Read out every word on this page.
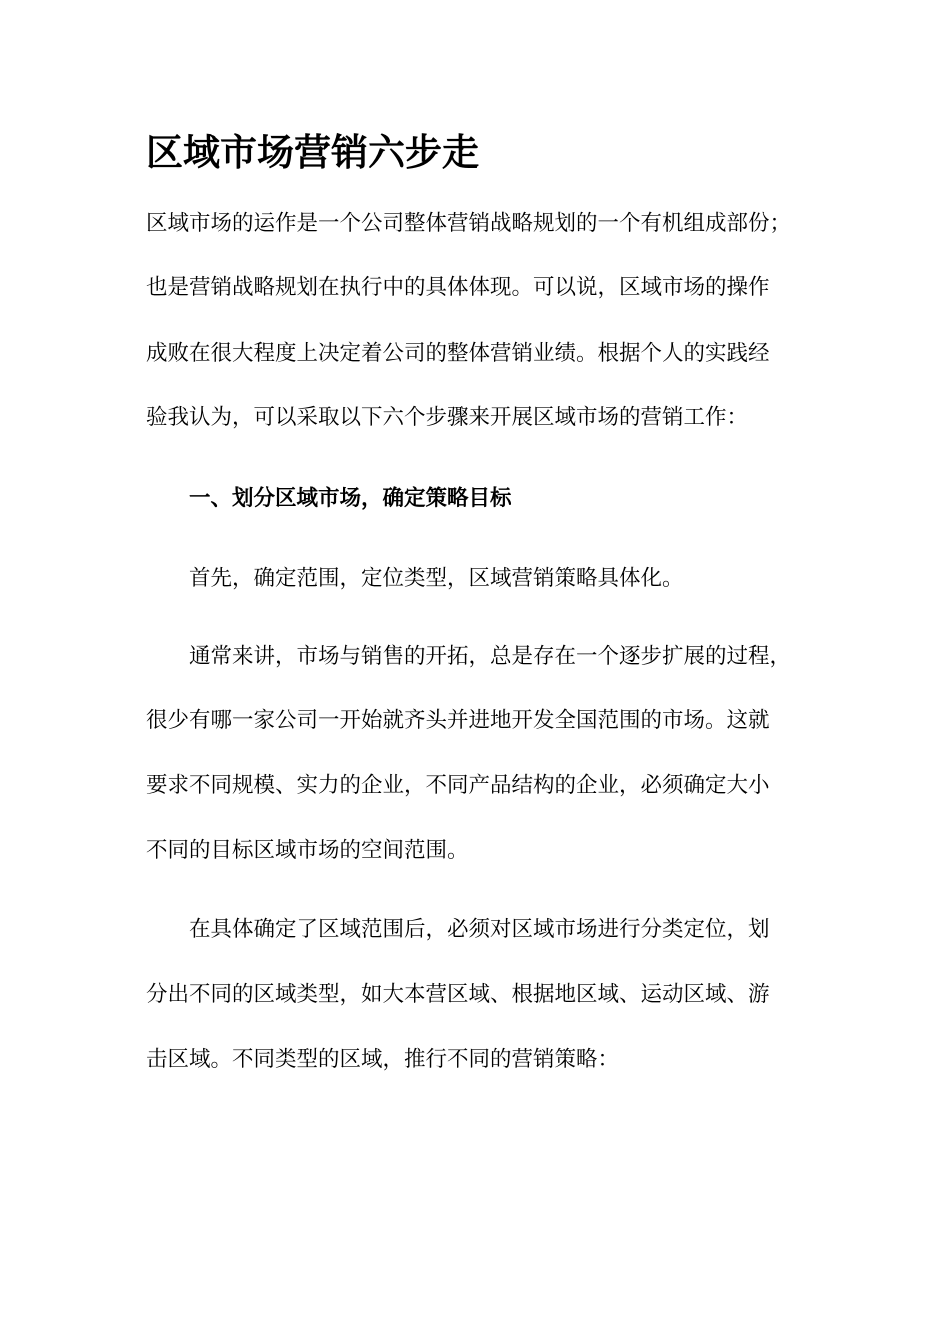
区域市场营销六步走

区域市场的运作是一个公司整体营销战略规划的一个有机组成部份；

也是营销战略规划在执行中的具体体现。可以说，区域市场的操作

成败在很大程度上决定着公司的整体营销业绩。根据个人的实践经

验我认为，可以采取以下六个步骤来开展区域市场的营销工作：

一、划分区域市场，确定策略目标

首先，确定范围，定位类型，区域营销策略具体化。

通常来讲，市场与销售的开拓，总是存在一个逐步扩展的过程，

很少有哪一家公司一开始就齐头并进地开发全国范围的市场。这就

要求不同规模、实力的企业，不同产品结构的企业，必须确定大小

不同的目标区域市场的空间范围。

在具体确定了区域范围后，必须对区域市场进行分类定位，划

分出不同的区域类型，如大本营区域、根据地区域、运动区域、游

击区域。不同类型的区域，推行不同的营销策略：
